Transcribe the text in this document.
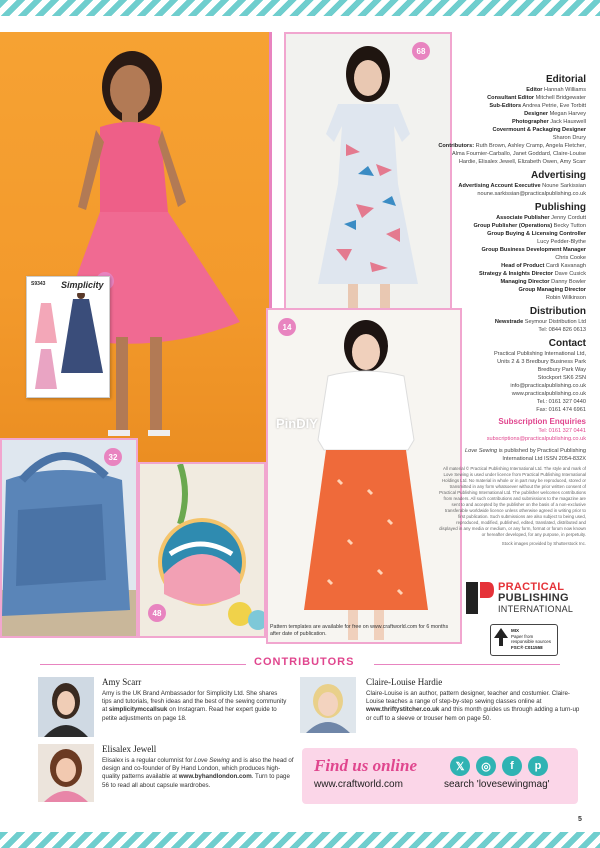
S9343 Simplicity
68
14
PinDIY
Pattern templates are available for free on www.craftworld.com for 6 months after date of publication.
32
48
Editorial
Editor Hannah Williams
Consultant Editor Mitchell Bridgewater
Sub-Editors Andrea Petrie, Eve Torbitt
Designer Megan Harvey
Photographer Jack Hauxwell
Covermount & Packaging Designer
Sharon Drury
Contributors: Ruth Brown, Ashley Cramp, Angela Fletcher, Alma Fournier-Carballo, Janet Goddard, Claire-Louise Hardie, Elisalex Jewell, Elizabeth Owen, Amy Scarr
Advertising
Advertising Account Executive Noune Sarkissian
noune.sarkissian@practicalpublishing.co.uk
Publishing
Associate Publisher Jenny Cordutt
Group Publisher (Operations) Becky Tutton
Group Buying & Licensing Controller
Lucy Pedder-Blythe
Group Business Development Manager
Chris Cooke
Head of Product Cardi Kavanagh
Strategy & Insights Director Dave Cusick
Managing Director Danny Bowler
Group Managing Director
Robin Wilkinson
Distribution
Newstrade Seymour Distribution Ltd
Tel: 0844 826 0613
Contact
Practical Publishing International Ltd,
Units 2 & 3 Bredbury Business Park
Bredbury Park Way
Stockport SK6 2SN
info@practicalpublishing.co.uk
www.practicalpublishing.co.uk
Tel.: 0161 327 0440
Fax: 0161 474 6961
Subscription Enquiries
Tel: 0161 327 0441
subscriptions@practicalpublishing.co.uk
Love Sewing is published by Practical Publishing International Ltd ISSN 2054-832X
All material © Practical Publishing International Ltd. The style and mark of Love Sewing is used under licence from Practical Publishing International Holdings Ltd. No material in whole or in part may be reproduced, stored or transmitted in any form whatsoever without the prior written consent of Practical Publishing International Ltd. The publisher welcomes contributions from readers. All such contributions and submissions to the magazine are sent to and accepted by the publisher on the basis of a non-exclusive transferable worldwide licence unless otherwise agreed in writing prior to first publication. Such submissions are also subject to being used, reproduced, modified, published, edited, translated, distributed and displayed in any media or medium, or any form, format or forum now known or hereafter developed, for any purpose, in perpetuity.
Stock images provided by Shutterstock Inc.
PRACTICAL
PUBLISHING
INTERNATIONAL
MIX
Paper from
responsible sources
FSC® C011558
CONTRIBUTORS
Amy Scarr
Amy is the UK Brand Ambassador for Simplicity Ltd. She shares tips and tutorials, fresh ideas and the best of the sewing community at simplicitymccallsuk on Instagram. Read her expert guide to petite adjustments on page 18.
Claire-Louise Hardie
Claire-Louise is an author, pattern designer, teacher and costumier. Claire-Louise teaches a range of step-by-step sewing classes online at www.thriftystitcher.co.uk and this month guides us through adding a turn-up or cuff to a sleeve or trouser hem on page 50.
Elisalex Jewell
Elisalex is a regular columnist for Love Sewing and is also the head of design and co-founder of By Hand London, which produces high-quality patterns available at www.byhandlondon.com. Turn to page 56 to read all about capsule wardrobes.
Find us online
www.craftworld.com	search 'lovesewingmag'
𝕏	◎	f	p
5
